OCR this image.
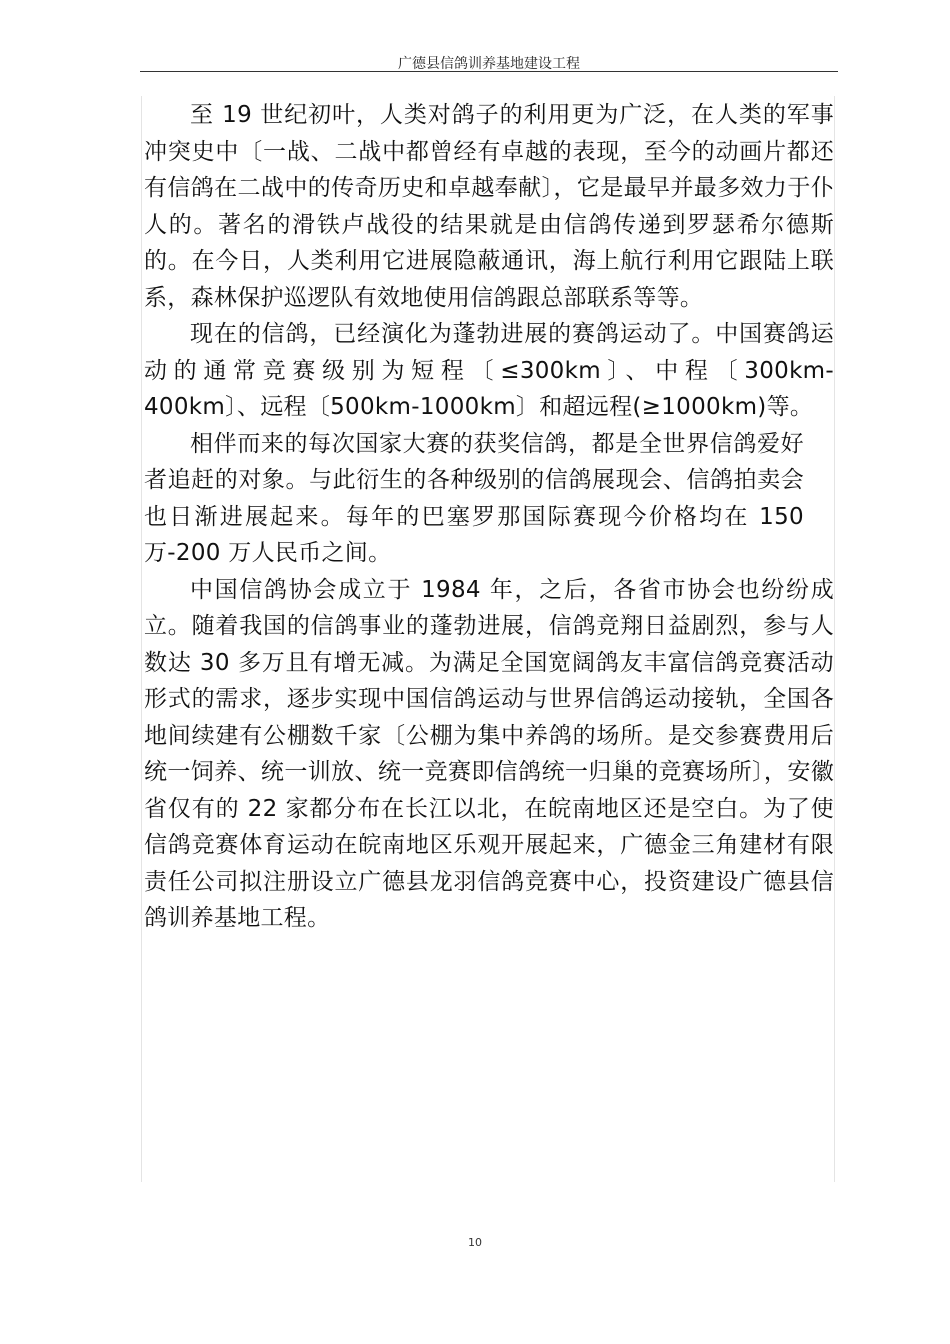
广德县信鸽训养基地建设工程

至 19 世纪初叶，人类对鸽子的利用更为广泛，在人类的军事冲突史中〔一战、二战中都曾经有卓越的表现，至今的动画片都还有信鸽在二战中的传奇历史和卓越奉献〕，它是最早并最多效力于仆人的。著名的滑铁卢战役的结果就是由信鸽传递到罗瑟希尔德斯的。在今日，人类利用它进展隐蔽通讯，海上航行利用它跟陆上联系，森林保护巡逻队有效地使用信鸽跟总部联系等等。

现在的信鸽，已经演化为蓬勃进展的赛鸽运动了。中国赛鸽运动的通常竞赛级别为短程〔≤300km〕、中程〔300km-400km〕、远程〔500km-1000km〕和超远程(≥1000km)等。

相伴而来的每次国家大赛的获奖信鸽，都是全世界信鸽爱好者追赶的对象。与此衍生的各种级别的信鸽展现会、信鸽拍卖会也日渐进展起来。每年的巴塞罗那国际赛现今价格均在 150 万-200 万人民币之间。

中国信鸽协会成立于 1984 年，之后，各省市协会也纷纷成立。随着我国的信鸽事业的蓬勃进展，信鸽竞翔日益剧烈，参与人数达 30 多万且有增无减。为满足全国宽阔鸽友丰富信鸽竞赛活动形式的需求，逐步实现中国信鸽运动与世界信鸽运动接轨，全国各地间续建有公棚数千家〔公棚为集中养鸽的场所。是交参赛费用后统一饲养、统一训放、统一竞赛即信鸽统一归巢的竞赛场所〕，安徽省仅有的 22 家都分布在长江以北，在皖南地区还是空白。为了使信鸽竞赛体育运动在皖南地区乐观开展起来，广德金三角建材有限责任公司拟注册设立广德县龙羽信鸽竞赛中心，投资建设广德县信鸽训养基地工程。

10
